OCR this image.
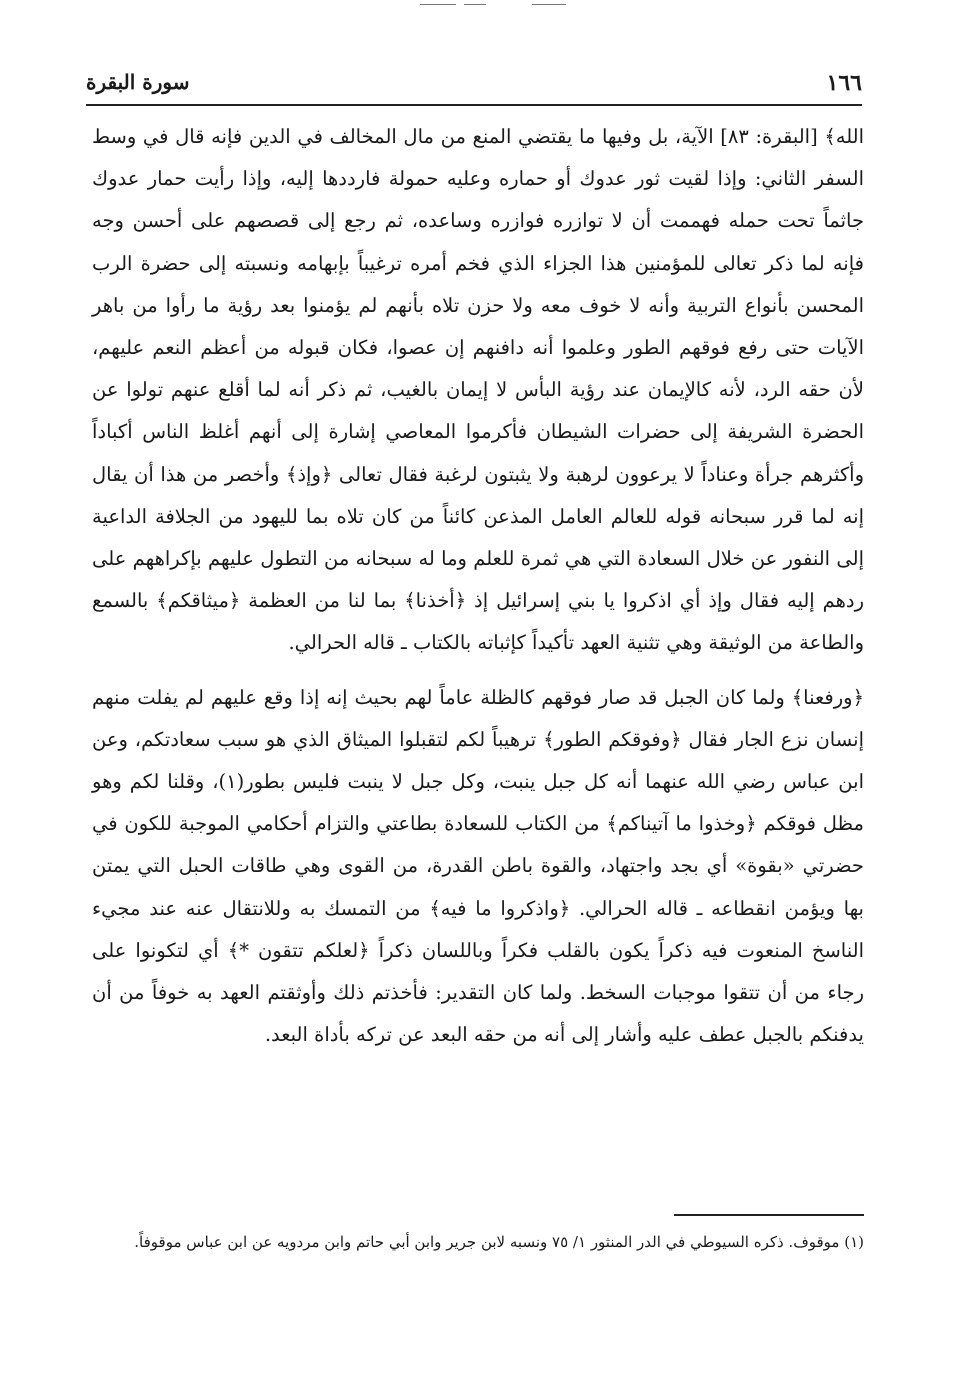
١٦٦
سورة البقرة

الله﴾ [البقرة: ٨٣] الآية، بل وفيها ما يقتضي المنع من مال المخالف في الدين فإنه قال في وسط السفر الثاني: وإذا لقيت ثور عدوك أو حماره وعليه حمولة فارددها إليه، وإذا رأيت حمار عدوك جاثماً تحت حمله فهممت أن لا توازره فوازره وساعده، ثم رجع إلى قصصهم على أحسن وجه فإنه لما ذكر تعالى للمؤمنين هذا الجزاء الذي فخم أمره ترغيباً بإبهامه ونسبته إلى حضرة الرب المحسن بأنواع التربية وأنه لا خوف معه ولا حزن تلاه بأنهم لم يؤمنوا بعد رؤية ما رأوا من باهر الآيات حتى رفع فوقهم الطور وعلموا أنه دافنهم إن عصوا، فكان قبوله من أعظم النعم عليهم، لأن حقه الرد، لأنه كالإيمان عند رؤية البأس لا إيمان بالغيب، ثم ذكر أنه لما أقلع عنهم تولوا عن الحضرة الشريفة إلى حضرات الشيطان فأكرموا المعاصي إشارة إلى أنهم أغلظ الناس أكباداً وأكثرهم جرأة وعناداً لا يرعوون لرهبة ولا يثبتون لرغبة فقال تعالى ﴿وإذ﴾ وأخصر من هذا أن يقال إنه لما قرر سبحانه قوله للعالم العامل المذعن كائناً من كان تلاه بما لليهود من الجلافة الداعية إلى النفور عن خلال السعادة التي هي ثمرة للعلم وما له سبحانه من التطول عليهم بإكراههم على ردهم إليه فقال وإذ أي اذكروا يا بني إسرائيل إذ ﴿أخذنا﴾ بما لنا من العظمة ﴿ميثاقكم﴾ بالسمع والطاعة من الوثيقة وهي تثنية العهد تأكيداً كإثباته بالكتاب ـ قاله الحرالي.

﴿ورفعنا﴾ ولما كان الجبل قد صار فوقهم كالظلة عاماً لهم بحيث إنه إذا وقع عليهم لم يفلت منهم إنسان نزع الجار فقال ﴿وفوقكم الطور﴾ ترهيباً لكم لتقبلوا الميثاق الذي هو سبب سعادتكم، وعن ابن عباس رضي الله عنهما أنه كل جبل ينبت، وكل جبل لا ينبت فليس بطور(١)، وقلنا لكم وهو مظل فوقكم ﴿وخذوا ما آتيناكم﴾ من الكتاب للسعادة بطاعتي والتزام أحكامي الموجبة للكون في حضرتي «بقوة» أي بجد واجتهاد، والقوة باطن القدرة، من القوى وهي طاقات الحبل التي يمتن بها ويؤمن انقطاعه ـ قاله الحرالي. ﴿واذكروا ما فيه﴾ من التمسك به وللانتقال عنه عند مجيء الناسخ المنعوت فيه ذكراً يكون بالقلب فكراً وباللسان ذكراً ﴿لعلكم تتقون *﴾ أي لتكونوا على رجاء من أن تتقوا موجبات السخط. ولما كان التقدير: فأخذتم ذلك وأوثقتم العهد به خوفاً من أن يدفنكم بالجبل عطف عليه وأشار إلى أنه من حقه البعد عن تركه بأداة البعد.

(١) موقوف. ذكره السيوطي في الدر المنثور ١/ ٧٥ ونسبه لابن جرير وابن أبي حاتم وابن مردويه عن ابن عباس موقوفاً.
